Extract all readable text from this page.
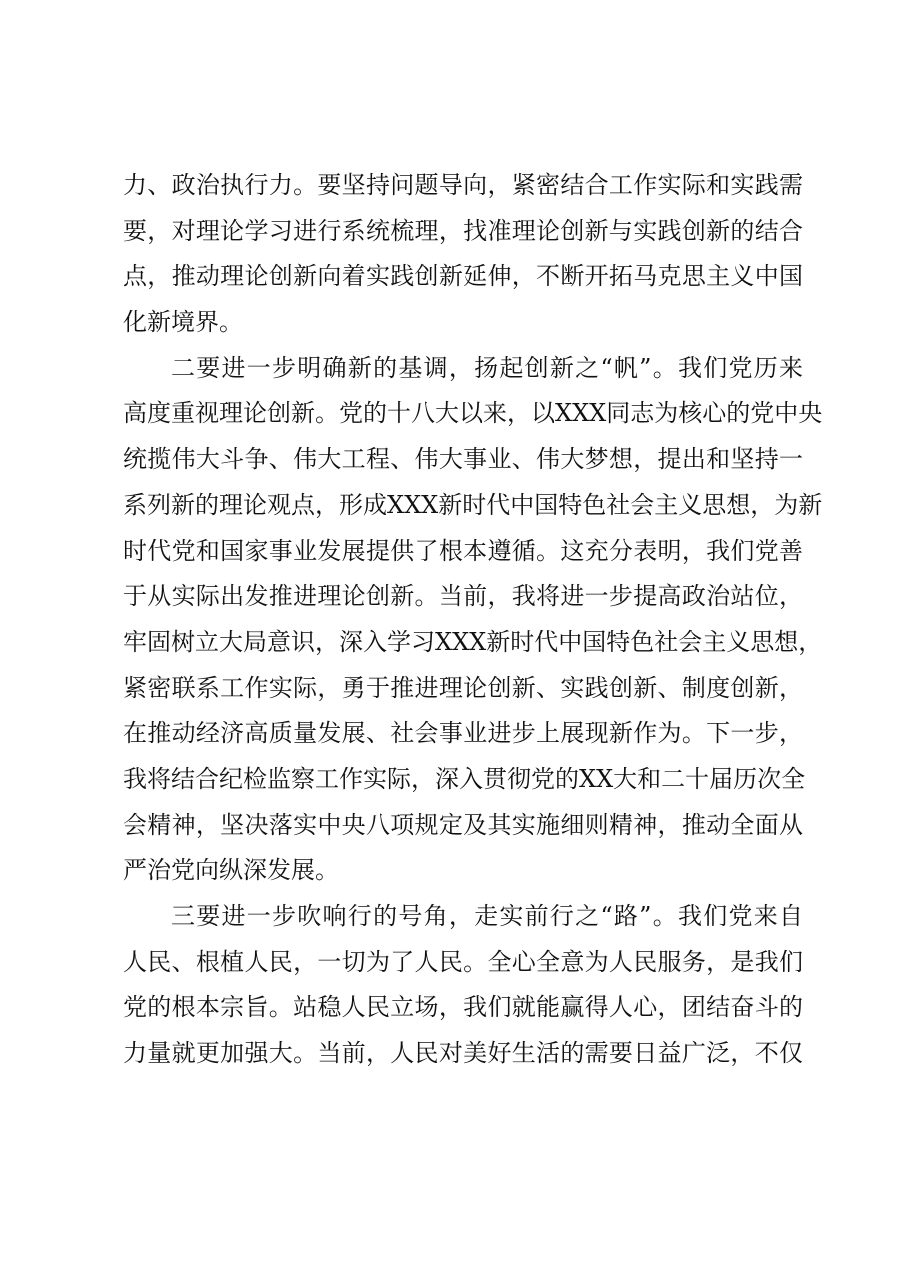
力、政治执行力。要坚持问题导向，紧密结合工作实际和实践需
要，对理论学习进行系统梳理，找准理论创新与实践创新的结合
点，推动理论创新向着实践创新延伸，不断开拓马克思主义中国
化新境界。
二要进一步明确新的基调，扬起创新之“帆”。我们党历来
高度重视理论创新。党的十八大以来，以XXX同志为核心的党中央
统揽伟大斗争、伟大工程、伟大事业、伟大梦想，提出和坚持一
系列新的理论观点，形成XXX新时代中国特色社会主义思想，为新
时代党和国家事业发展提供了根本遵循。这充分表明，我们党善
于从实际出发推进理论创新。当前，我将进一步提高政治站位，
牢固树立大局意识，深入学习XXX新时代中国特色社会主义思想，
紧密联系工作实际，勇于推进理论创新、实践创新、制度创新，
在推动经济高质量发展、社会事业进步上展现新作为。下一步，
我将结合纪检监察工作实际，深入贯彻党的XX大和二十届历次全
会精神，坚决落实中央八项规定及其实施细则精神，推动全面从
严治党向纵深发展。
三要进一步吹响行的号角，走实前行之“路”。我们党来自
人民、根植人民，一切为了人民。全心全意为人民服务，是我们
党的根本宗旨。站稳人民立场，我们就能赢得人心，团结奋斗的
力量就更加强大。当前，人民对美好生活的需要日益广泛，不仅
